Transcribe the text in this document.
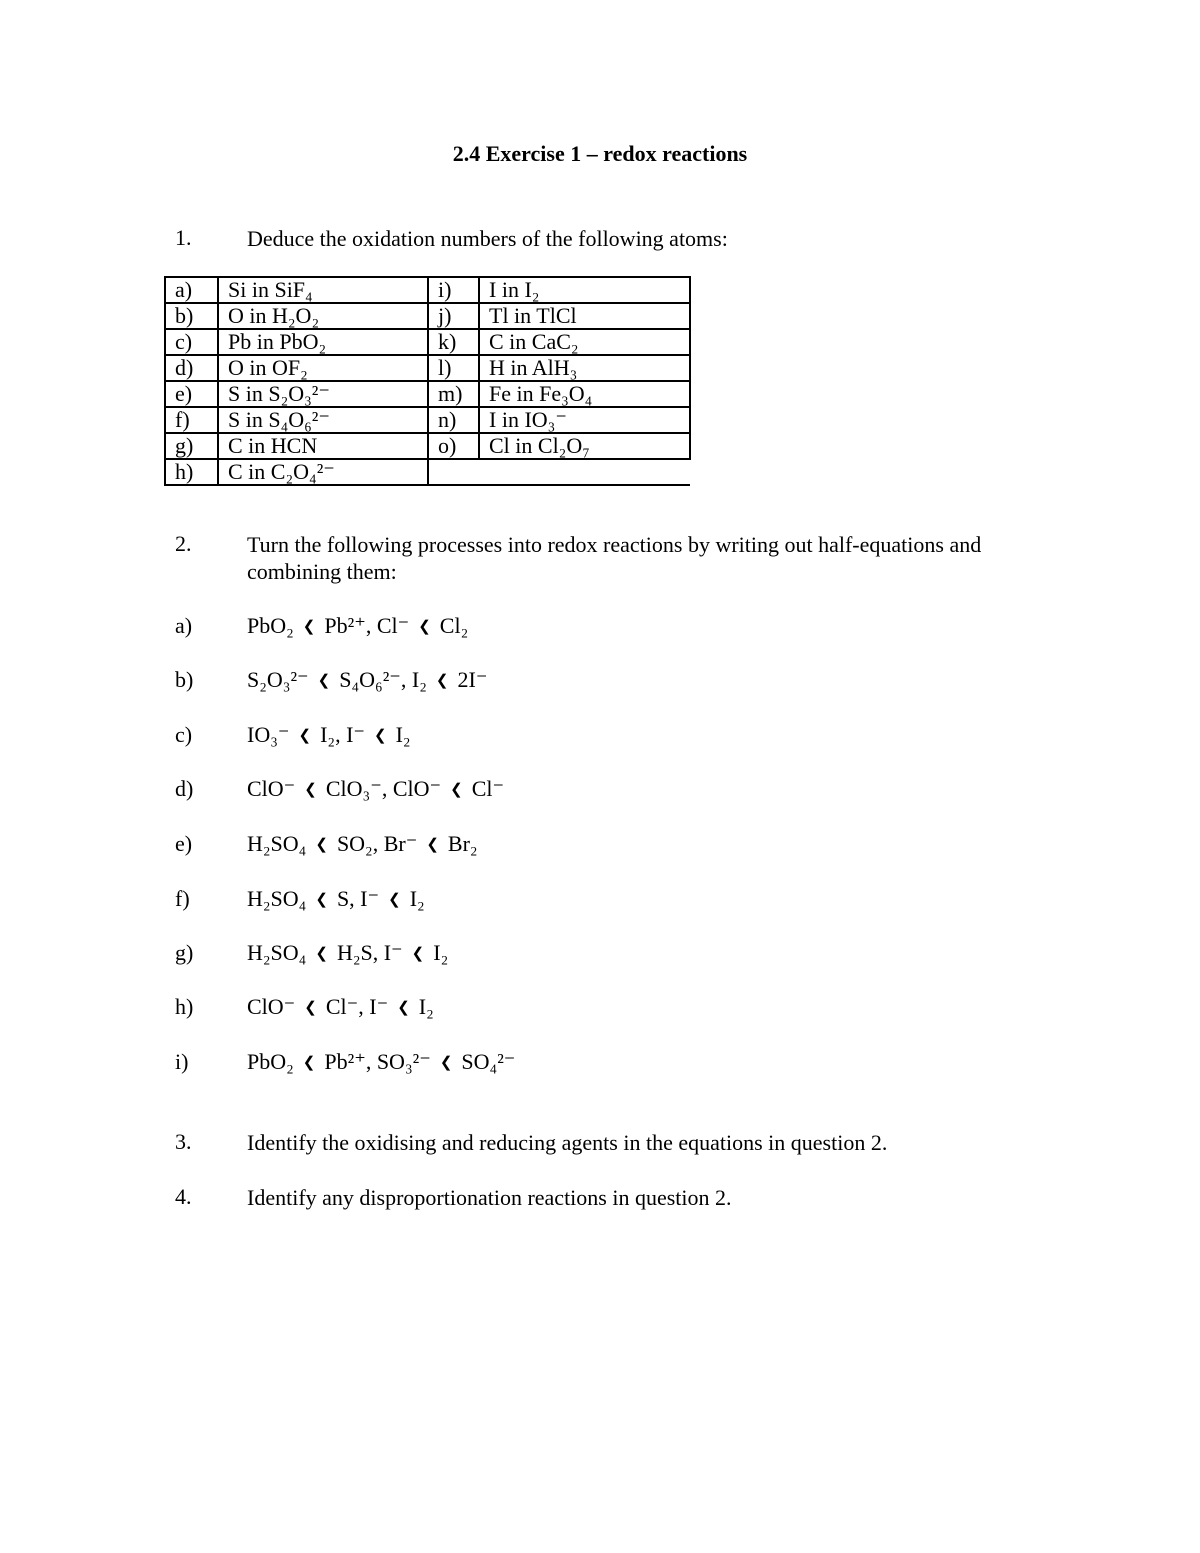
2.4 Exercise 1 – redox reactions
1.	Deduce the oxidation numbers of the following atoms:
a)	Si in SiF₄	i)	I in I₂
b)	O in H₂O₂	j)	Tl in TlCl
c)	Pb in PbO₂	k)	C in CaC₂
d)	O in OF₂	l)	H in AlH₃
e)	S in S₂O₃²⁻	m)	Fe in Fe₃O₄
f)	S in S₄O₆²⁻	n)	I in IO₃⁻
g)	C in HCN	o)	Cl in Cl₂O₇
h)	C in C₂O₄²⁻		
2.	Turn the following processes into redox reactions by writing out half-equations and combining them:
a) PbO₂ ❮ Pb²⁺, Cl⁻ ❮ Cl₂
b) S₂O₃²⁻ ❮ S₄O₆²⁻, I₂ ❮ 2I⁻
c) IO₃⁻ ❮ I₂, I⁻ ❮ I₂
d) ClO⁻ ❮ ClO₃⁻, ClO⁻ ❮ Cl⁻
e) H₂SO₄ ❮ SO₂, Br⁻ ❮ Br₂
f)	H₂SO₄ ❮ S, I⁻ ❮ I₂
g) H₂SO₄ ❮ H₂S, I⁻ ❮ I₂
h) ClO⁻ ❮ Cl⁻, I⁻ ❮ I₂
i)	PbO₂ ❮ Pb²⁺, SO₃²⁻ ❮ SO₄²⁻
3.	Identify the oxidising and reducing agents in the equations in question 2.
4.	Identify any disproportionation reactions in question 2.
